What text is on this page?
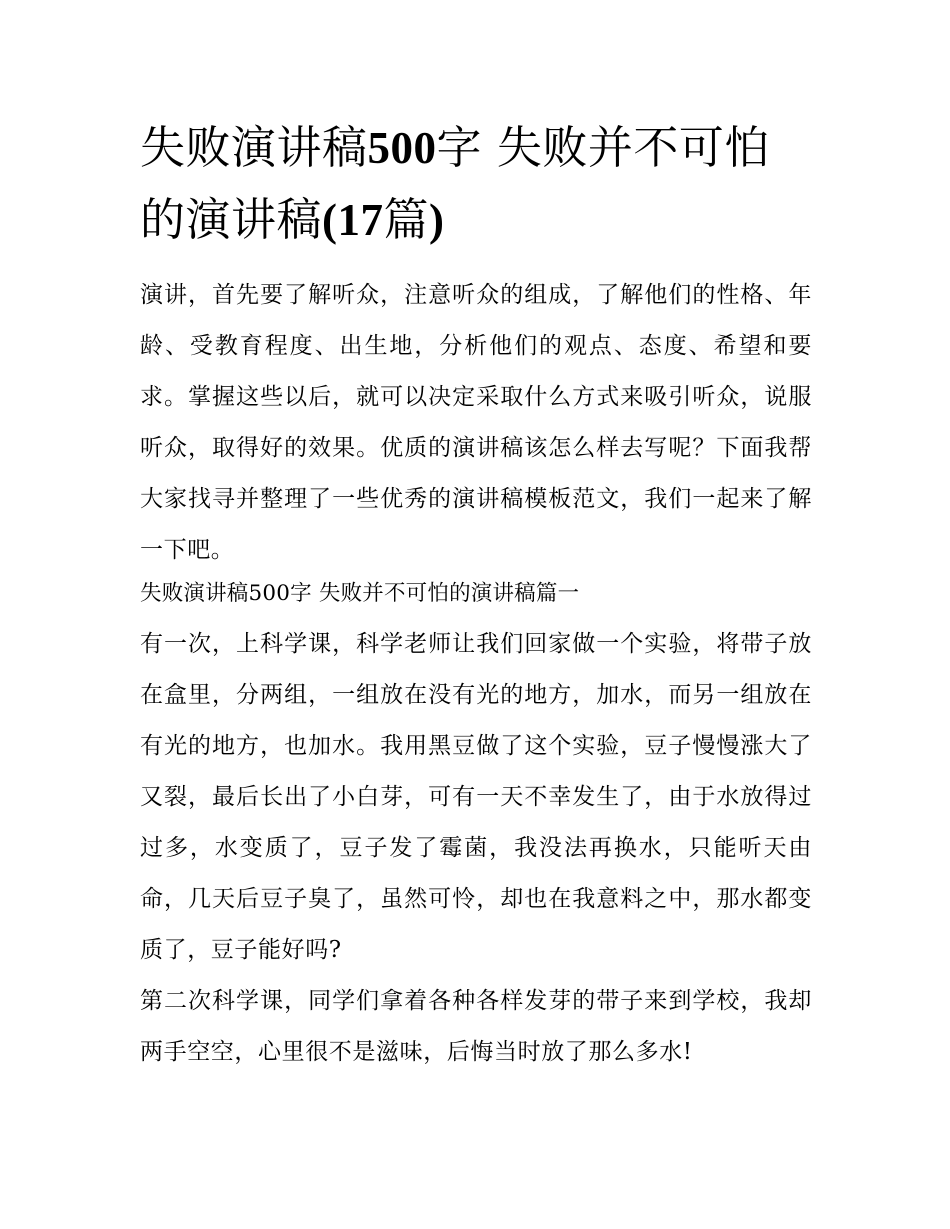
失败演讲稿500字 失败并不可怕的演讲稿(17篇)

演讲，首先要了解听众，注意听众的组成，了解他们的性格、年龄、受教育程度、出生地，分析他们的观点、态度、希望和要求。掌握这些以后，就可以决定采取什么方式来吸引听众，说服听众，取得好的效果。优质的演讲稿该怎么样去写呢？下面我帮大家找寻并整理了一些优秀的演讲稿模板范文，我们一起来了解一下吧。

失败演讲稿500字 失败并不可怕的演讲稿篇一

有一次，上科学课，科学老师让我们回家做一个实验，将带子放在盒里，分两组，一组放在没有光的地方，加水，而另一组放在有光的地方，也加水。我用黑豆做了这个实验，豆子慢慢涨大了又裂，最后长出了小白芽，可有一天不幸发生了，由于水放得过过多，水变质了，豆子发了霉菌，我没法再换水，只能听天由命，几天后豆子臭了，虽然可怜，却也在我意料之中，那水都变质了，豆子能好吗?

第二次科学课，同学们拿着各种各样发芽的带子来到学校，我却两手空空，心里很不是滋味，后悔当时放了那么多水!
